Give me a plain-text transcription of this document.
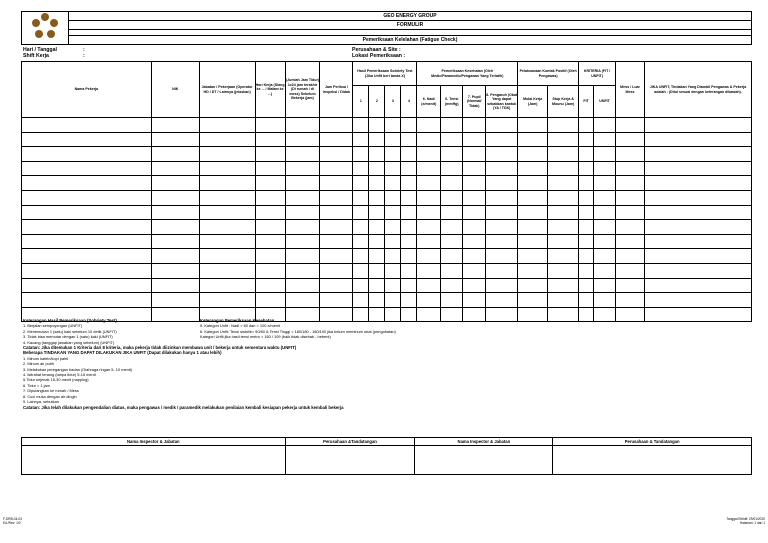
	GEO ENERGY GROUP
FORMULIR

Pemeriksaan Kelelahan (Fatigue Check)
Hari / Tanggal	:
Shift Kerja	:
Perusahaan & Site :
Lokasi Pemeriksaan :
Nama Pekerja	NIK	Jabatan / Pekerjaan (Operator HD / DT / Lainnya (jelaskan)	Hari Kerja (Siang ke ... / Malam ke ...)	(Jumlah Jam Tidur) 1x24 jam terakhir (Di rumah / di mess) Sebelum Bekerja (jam)	Jam Periksa / Inspeksi / Didak	Hasil Pemeriksaan Sobriety Test (Jika Unfit beri tanda X)				Pemeriksaan Kesehatan (Oleh Medic/Paramedic/Pengawas Yang Terlatih)				Pelaksanaan Kontak Positif (Oleh Pengawas)		KRITERIA (FIT / UNFIT)		Mess / Luar Mess	JIKA UNFIT, Tindakan Yang Diambil Pengawas & Pekerja adalah : (Ditul sesuai dengan keterangan dibawah).
						1	2	3	4	6. Nadi (x/menit)	6. Tensi (mmHg)	7. Pupil (Normal/ Tidak)	8. Pengaruh (Obat Yang dapat sebabkan kantuk (YA / TDK)	Mulai Kerja (Jam)	Stop Kerja & Mounu (Jam)	FIT	UNFIT		

Keterangan Hasil Pemeriksaan (Sobriety Test)
1. Berjalan sempoyongan (UNFIT)
2. Menemukan 1 (satu) kaki sebelum 10 detik (UNFIT)
3. Tidak bisa memutar dengan 1 (satu) kaki (UNFIT)
4. Kacang (tanggap jawaban yang sebelum) (UNFIT)
Catatan: Jika ditemukan 1 Kriteria dari 8 kriteria, maka pekerja tidak diizinkan membawa unit / bekerja untuk sementara waktu (UNFIT)
Beberapa TINDAKAN YANG DAPAT DILAKUKAN JIKA UNFIT (Dapat dilakukan hanya 1 atau lebih)
1. Minum kafein/kopi pahit
2. Minum air putih
3. Melakukan peregangan badan (Olahraga ringan 5- 10 menit)
4. Istirahat tenang (tanpa tidur) 5-15 menit
5.Tidur sejenak 15-30 menit (napping)
6. Tidur > 1 jam
7. Dipulangkan ke rumah / Mess
8. Cuci muka dengan air dingin
9. Lainnya, sebutkan
Catatan: Jika telah dilakukan pengendalian diatas, maka pengawas / medik / paramedik melakukan penilaian kembali kesiapan pekerja untuk kembali bekerja
Keterangan Pemeriksaan Kesehatan
5. Kategori Unfit : Nadi > 60 dan > 100 x/menit
6. Kategori Unfit: Tensi sistolik< 90/60 & Tensi Tinggi > 180/180 - 160/100 jika belum meminum obat (pengobatan)
Kategori Unfit jika hasil tensi metro > 160 / 109 (baik tidak disebab - hebent)
Nama Inspector & Jabatan	Perusahaan &Tandatangan	Nama Inspector & Jabatan	Perusahaan & Tandatangan

F-DRB-04-03
Ed./Rev: 1/0
Tanggal Efektif: 29/01/2020
Halaman: 1 dari 1
